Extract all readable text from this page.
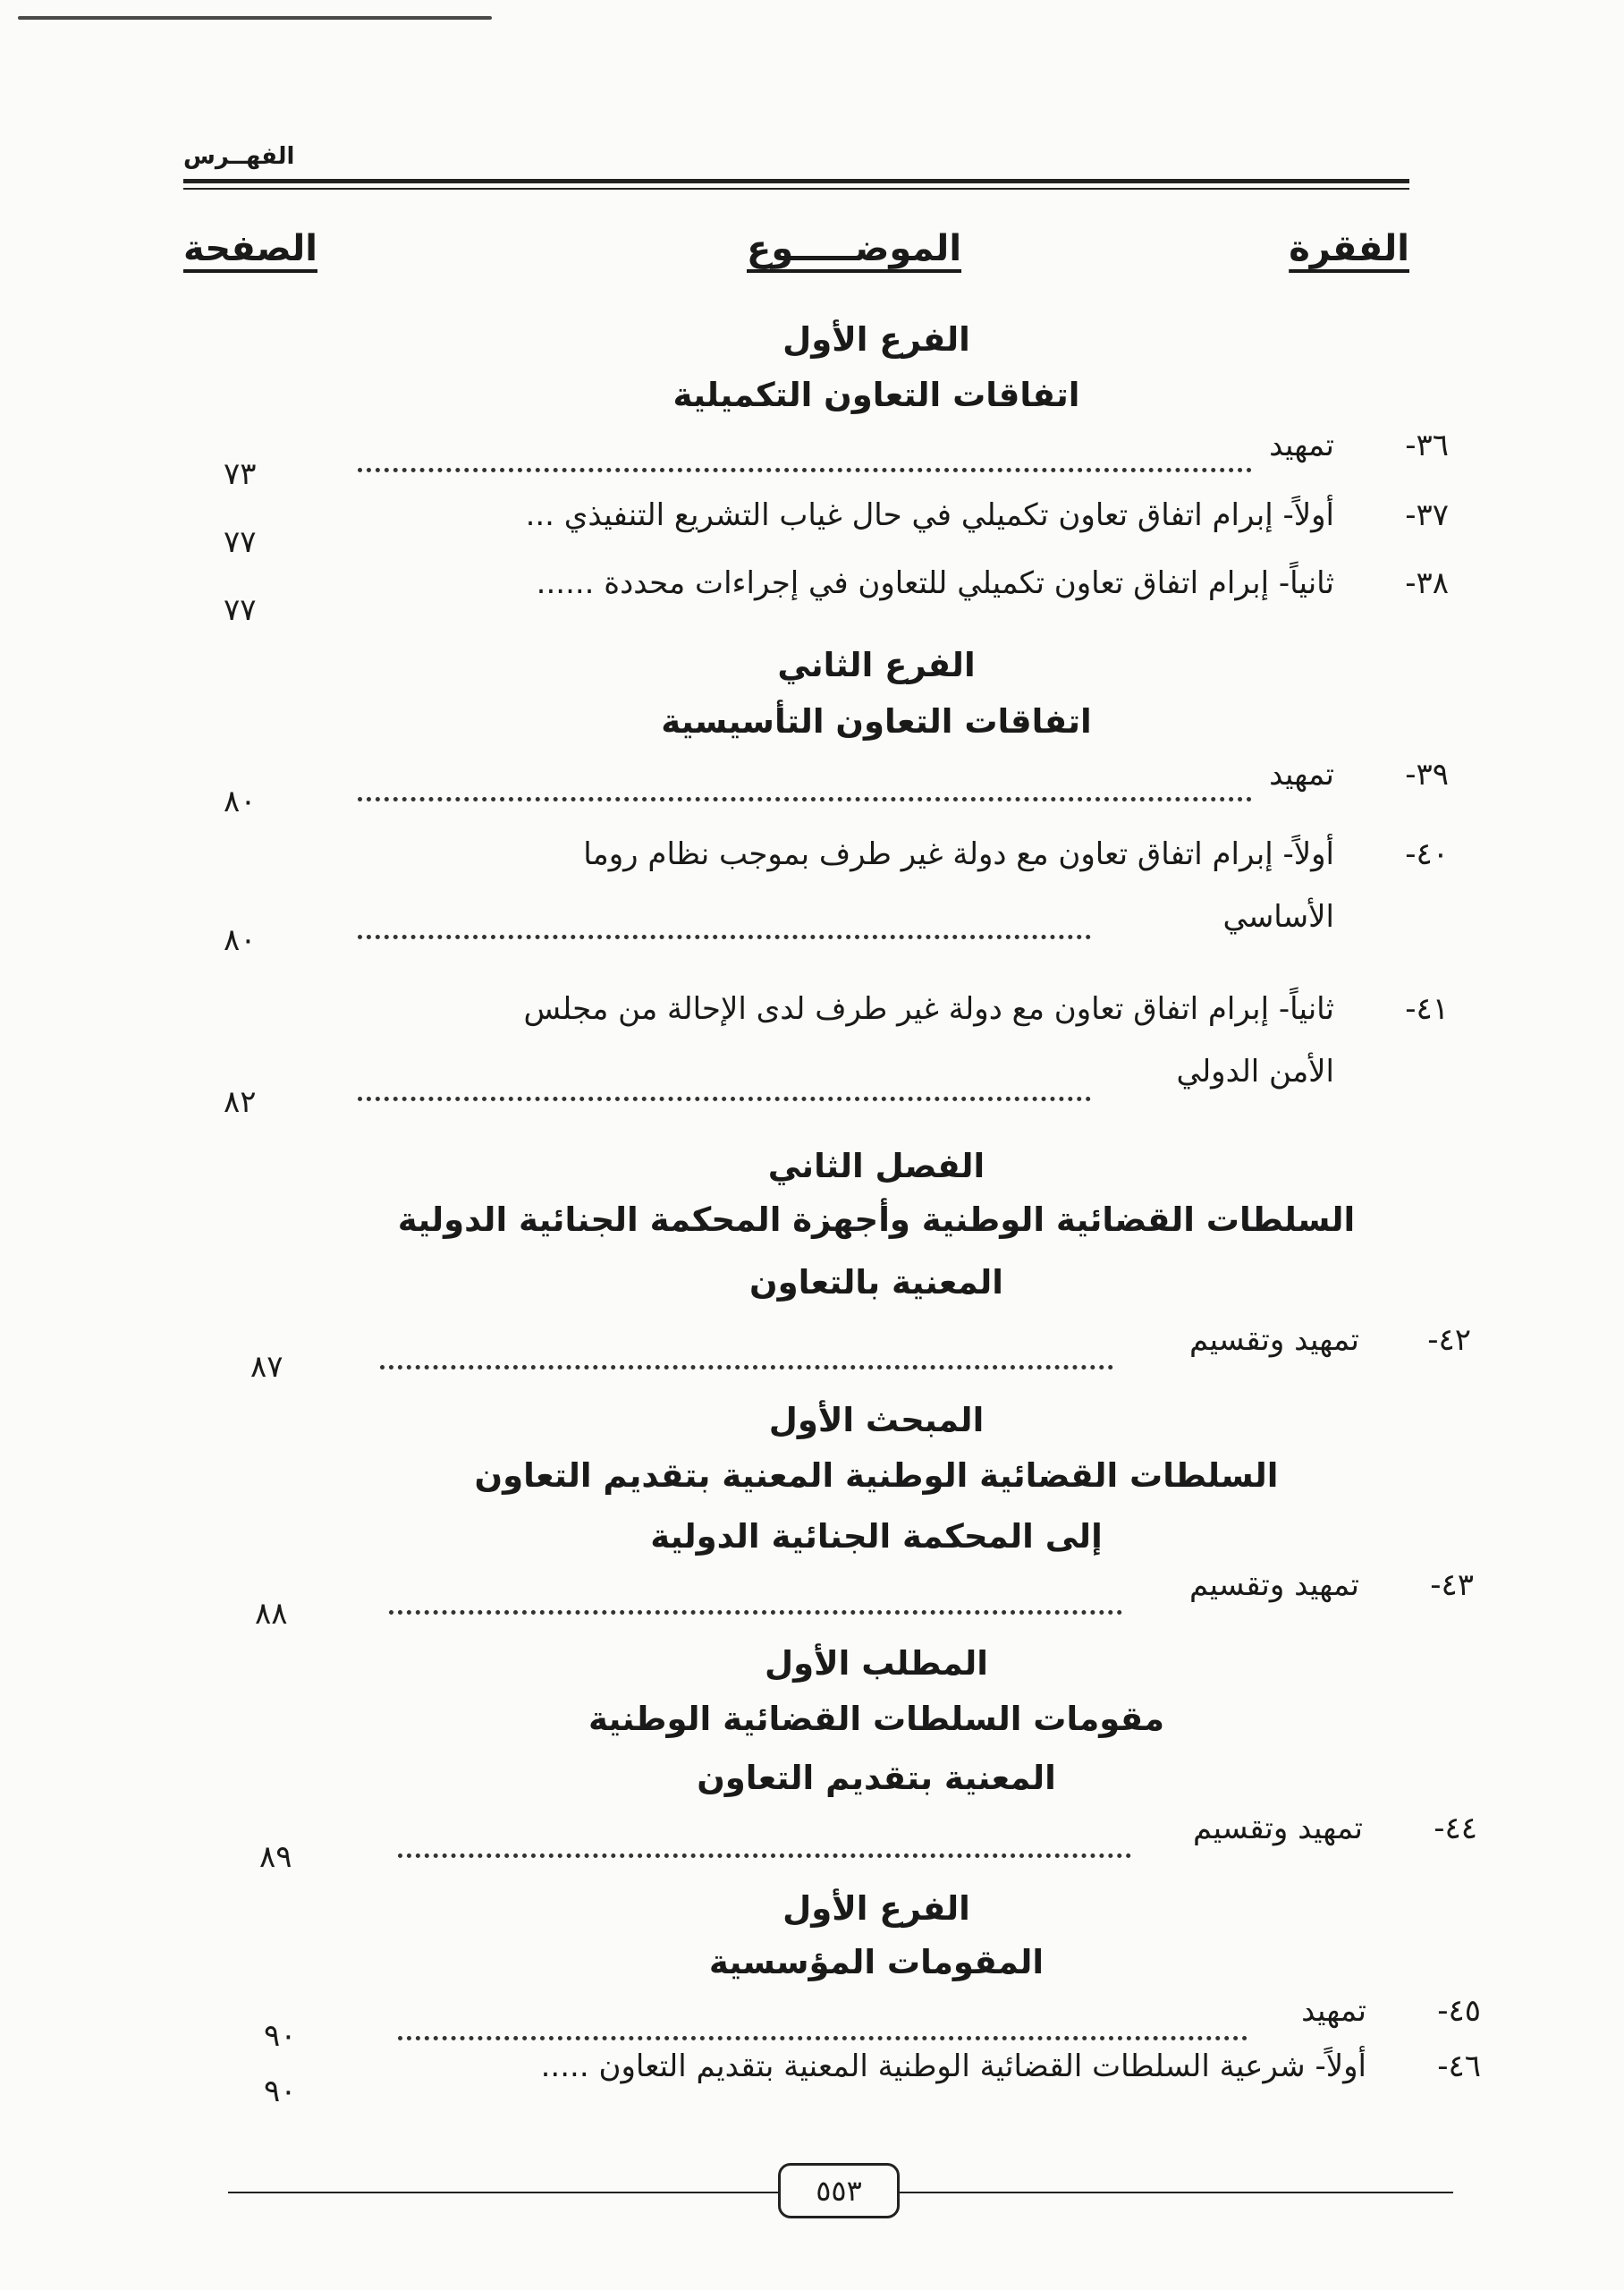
الفهــرس
الصفحة	الموضـــــوع	الفقرة
الفرع الأول
اتفاقات التعاون التكميلية
٣٦-
تمهيد
٧٣
٣٧-
أولاً- إبرام اتفاق تعاون تكميلي في حال غياب التشريع التنفيذي ...
٧٧
٣٨-
ثانياً- إبرام اتفاق تعاون تكميلي للتعاون في إجراءات محددة ......
٧٧
الفرع الثاني
اتفاقات التعاون التأسيسية
٣٩-
تمهيد
٨٠
٤٠-
أولاً- إبرام اتفاق تعاون مع دولة غير طرف بموجب نظام روما
الأساسي
٨٠
٤١-
ثانياً- إبرام اتفاق تعاون مع دولة غير طرف لدى الإحالة من مجلس
الأمن الدولي
٨٢
الفصل الثاني
السلطات القضائية الوطنية وأجهزة المحكمة الجنائية الدولية
المعنية بالتعاون
٤٢-
تمهيد وتقسيم
٨٧
المبحث الأول
السلطات القضائية الوطنية المعنية بتقديم التعاون
إلى المحكمة الجنائية الدولية
٤٣-
تمهيد وتقسيم
٨٨
المطلب الأول
مقومات السلطات القضائية الوطنية
المعنية بتقديم التعاون
٤٤-
تمهيد وتقسيم
٨٩
الفرع الأول
المقومات المؤسسية
٤٥-
تمهيد
٩٠
٤٦-
أولاً- شرعية السلطات القضائية الوطنية المعنية بتقديم التعاون .....
٩٠
٥٥٣
